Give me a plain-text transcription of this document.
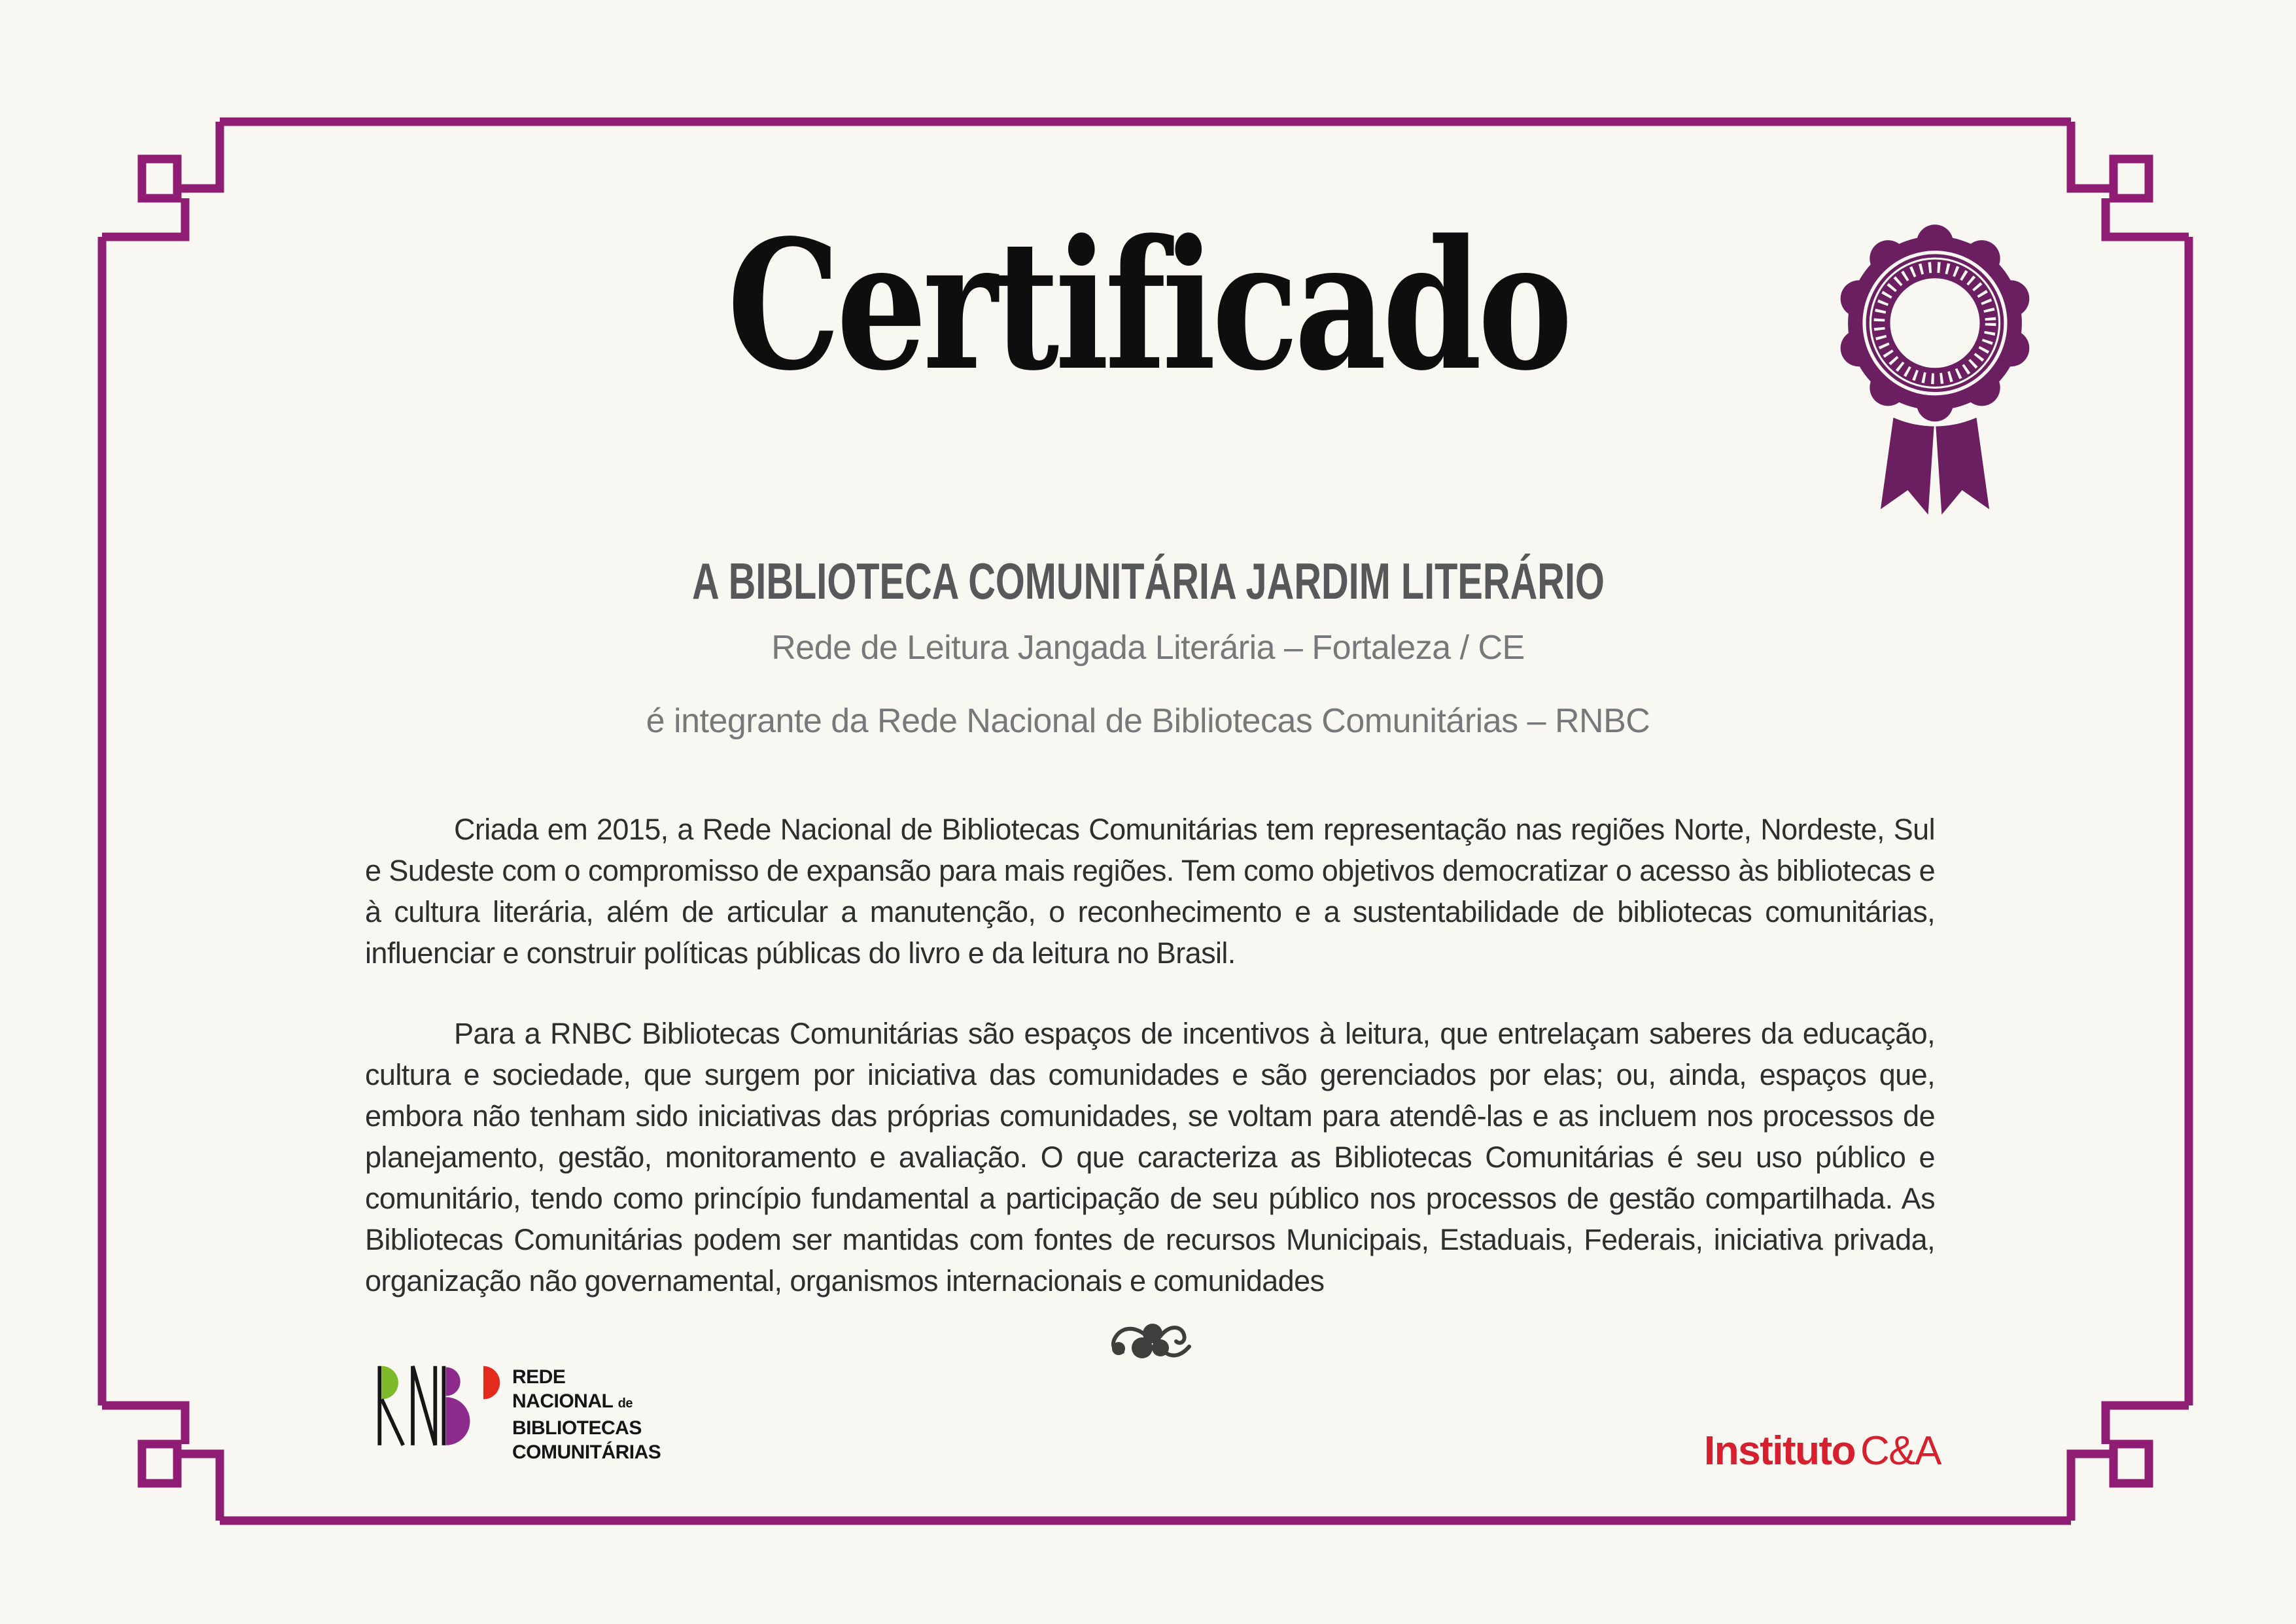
Certificado
A BIBLIOTECA COMUNITÁRIA JARDIM LITERÁRIO
Rede de Leitura Jangada Literária – Fortaleza / CE
é integrante da Rede Nacional de Bibliotecas Comunitárias – RNBC

Criada em 2015, a Rede Nacional de Bibliotecas Comunitárias tem representação nas regiões Norte, Nordeste, Sul e Sudeste com o compromisso de expansão para mais regiões. Tem como objetivos democratizar o acesso às bibliotecas e à cultura literária, além de articular a manutenção, o reconhecimento e a sustentabilidade de bibliotecas comunitárias, influenciar e construir políticas públicas do livro e da leitura no Brasil.

Para a RNBC Bibliotecas Comunitárias são espaços de incentivos à leitura, que entrelaçam saberes da educação, cultura e sociedade, que surgem por iniciativa das comunidades e são gerenciados por elas; ou, ainda, espaços que, embora não tenham sido iniciativas das próprias comunidades, se voltam para atendê-las e as incluem nos processos de planejamento, gestão, monitoramento e avaliação. O que caracteriza as Bibliotecas Comunitárias é seu uso público e comunitário, tendo como princípio fundamental a participação de seu público nos processos de gestão compartilhada. As Bibliotecas Comunitárias podem ser mantidas com fontes de recursos Municipais, Estaduais, Federais, iniciativa privada, organização não governamental, organismos internacionais e comunidades

REDE
NACIONAL de
BIBLIOTECAS
COMUNITÁRIAS	Instituto C&A
